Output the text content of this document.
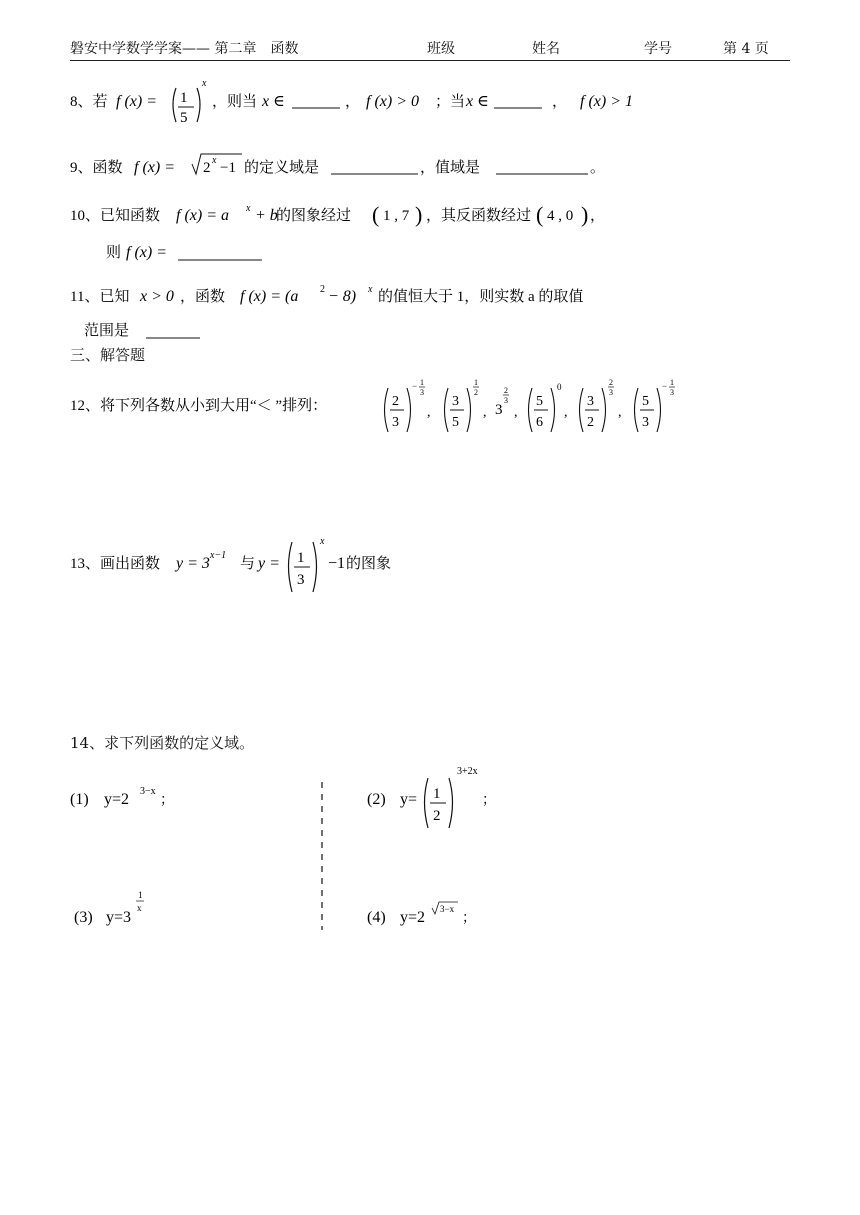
磐安中学数学学案—— 第二章　函数	班级	姓名	学号	第 4 页
8、若 f (x) = 1
5
x
，则当 x ∈	， f (x) > 0 ；当 x ∈	， f (x) > 1
9、函数 f (x) = 2 x −1 的定义域是	，值域是	。
10、已知函数 f (x) = a x + b
的图象经过 ( 1 , 7 ) ，其反函数经过 ( 4 , 0 ) ，
则 f (x) =
11、已知 x > 0 ，函数 f (x) = (a 2 − 8) x 的值恒大于 1，则实数 a 的取值
范围是
三、解答题
12、将下列各数从小到大用“＜ ”排列：	2
3
− 1
3
,
3
5
1
2
, 3
2
3
,
5
6
0
,
3
2
2
3
,
5
3
− 1
3
13、画出函数 y = 3 x−1
与 y = 1
3
x
−1 的图象
14、求下列函数的定义域。
(1) y=2 3−x
；	(2) y= 1
2
3+2x
；
(3) y=3
1
x
(4) y=2 3−x
；
